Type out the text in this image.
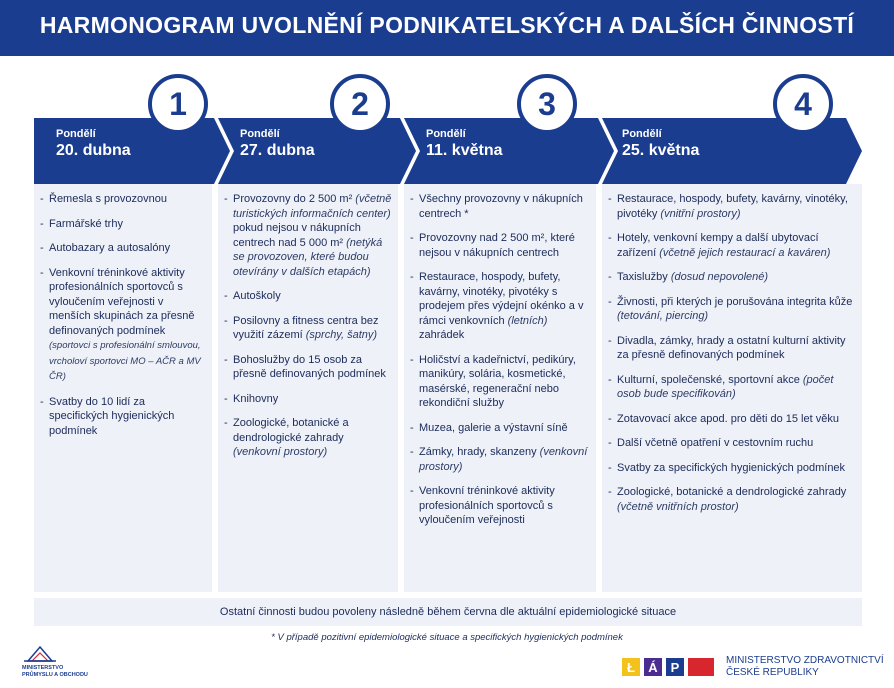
HARMONOGRAM UVOLNĚNÍ PODNIKATELSKÝCH A DALŠÍCH ČINNOSTÍ
1	2	3	4
Pondělí
20. dubna
Pondělí
27. dubna
Pondělí
11. května
Pondělí
25. května
- Řemesla s provozovnou
- Farmářské trhy
- Autobazary a autosalóny
- Venkovní tréninkové aktivity profesionálních sportovců s vyloučením veřejnosti v menších skupinách za přesně definovaných podmínek (sportovci s profesionální smlouvou, vrcholoví sportovci MO – AČR a MV ČR)
- Svatby do 10 lidí za specifických hygienických podmínek
- Provozovny do 2 500 m² (včetně turistických informačních center) pokud nejsou v nákupních centrech nad 5 000 m² (netýká se provozoven, které budou otevírány v dalších etapách)
- Autoškoly
- Posilovny a fitness centra bez využití zázemí (sprchy, šatny)
- Bohoslužby do 15 osob za přesně definovaných podmínek
- Knihovny
- Zoologické, botanické a dendrologické zahrady (venkovní prostory)
- Všechny provozovny v nákupních centrech *
- Provozovny nad 2 500 m², které nejsou v nákupních centrech
- Restaurace, hospody, bufety, kavárny, vinotéky, pivotéky s prodejem přes výdejní okénko a v rámci venkovních (letních) zahrádek
- Holičství a kadeřnictví, pedikúry, manikúry, solária, kosmetické, masérské, regenerační nebo rekondiční služby
- Muzea, galerie a výstavní síně
- Zámky, hrady, skanzeny (venkovní prostory)
- Venkovní tréninkové aktivity profesionálních sportovců s vyloučením veřejnosti
- Restaurace, hospody, bufety, kavárny, vinotéky, pivotéky (vnitřní prostory)
- Hotely, venkovní kempy a další ubytovací zařízení (včetně jejich restaurací a kaváren)
- Taxislužby (dosud nepovolené)
- Živnosti, při kterých je porušována integrita kůže (tetování, piercing)
- Divadla, zámky, hrady a ostatní kulturní aktivity za přesně definovaných podmínek
- Kulturní, společenské, sportovní akce (počet osob bude specifikován)
- Zotavovací akce apod. pro děti do 15 let věku
- Další včetně opatření v cestovním ruchu
- Svatby za specifických hygienických podmínek
- Zoologické, botanické a dendrologické zahrady (včetně vnitřních prostor)
Ostatní činnosti budou povoleny následně během června dle aktuální epidemiologické situace
* V případě pozitivní epidemiologické situace a specifických hygienických podmínek
MINISTERSTVO
PRŮMYSLU A OBCHODU	Ł Á P	MINISTERSTVO ZDRAVOTNICTVÍ
ČESKÉ REPUBLIKY
